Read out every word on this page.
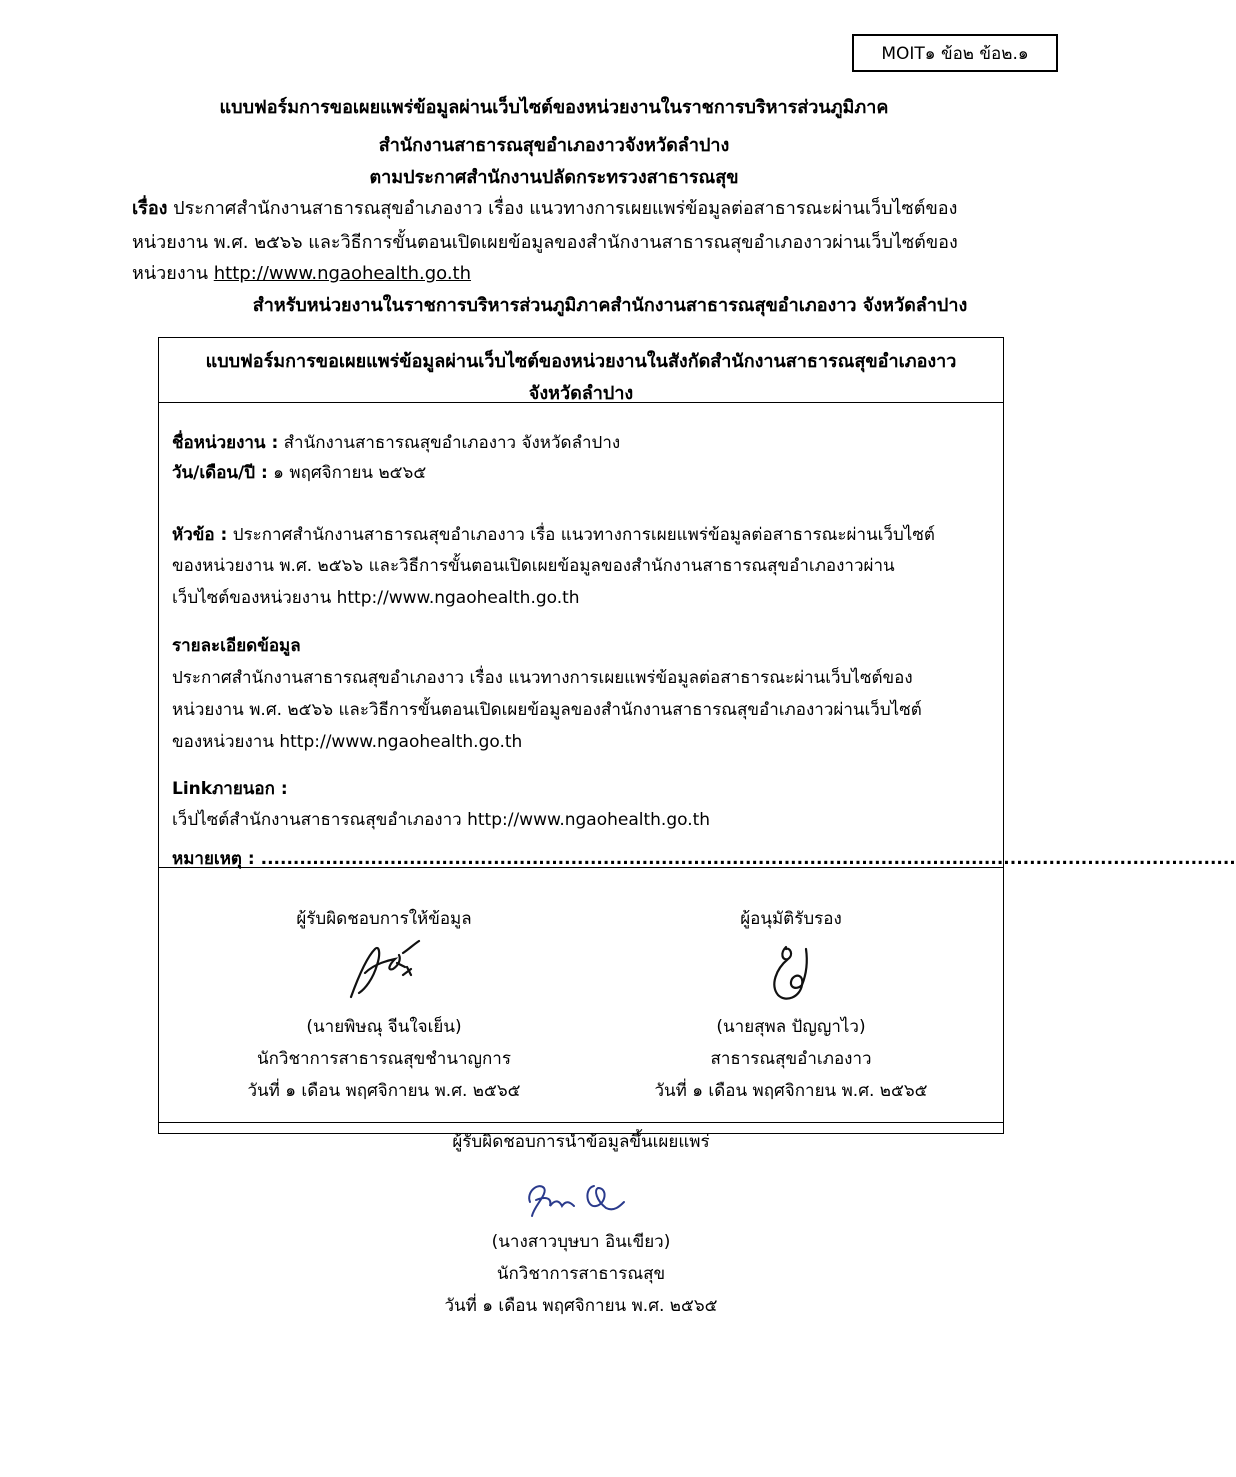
MOIT๑ ข้อ๒ ข้อ๒.๑
แบบฟอร์มการขอเผยแพร่ข้อมูลผ่านเว็บไซต์ของหน่วยงานในราชการบริหารส่วนภูมิภาค
สำนักงานสาธารณสุขอำเภองาวจังหวัดลำปาง
ตามประกาศสำนักงานปลัดกระทรวงสาธารณสุข
เรื่อง ประกาศสำนักงานสาธารณสุขอำเภองาว เรื่อง แนวทางการเผยแพร่ข้อมูลต่อสาธารณะผ่านเว็บไซต์ของ
หน่วยงาน พ.ศ. ๒๕๖๖ และวิธีการขั้นตอนเปิดเผยข้อมูลของสำนักงานสาธารณสุขอำเภองาวผ่านเว็บไซต์ของ
หน่วยงาน http://www.ngaohealth.go.th
สำหรับหน่วยงานในราชการบริหารส่วนภูมิภาคสำนักงานสาธารณสุขอำเภองาว จังหวัดลำปาง
แบบฟอร์มการขอเผยแพร่ข้อมูลผ่านเว็บไซต์ของหน่วยงานในสังกัดสำนักงานสาธารณสุขอำเภองาว
จังหวัดลำปาง
ชื่อหน่วยงาน : สำนักงานสาธารณสุขอำเภองาว จังหวัดลำปาง
วัน/เดือน/ปี : ๑ พฤศจิกายน ๒๕๖๕
หัวข้อ : ประกาศสำนักงานสาธารณสุขอำเภองาว เรื่อ แนวทางการเผยแพร่ข้อมูลต่อสาธารณะผ่านเว็บไซต์
ของหน่วยงาน พ.ศ. ๒๕๖๖ และวิธีการขั้นตอนเปิดเผยข้อมูลของสำนักงานสาธารณสุขอำเภองาวผ่าน
เว็บไซต์ของหน่วยงาน http://www.ngaohealth.go.th
รายละเอียดข้อมูล
ประกาศสำนักงานสาธารณสุขอำเภองาว เรื่อง แนวทางการเผยแพร่ข้อมูลต่อสาธารณะผ่านเว็บไซต์ของ
หน่วยงาน พ.ศ. ๒๕๖๖ และวิธีการขั้นตอนเปิดเผยข้อมูลของสำนักงานสาธารณสุขอำเภองาวผ่านเว็บไซต์
ของหน่วยงาน http://www.ngaohealth.go.th
Linkภายนอก :
เว็ปไซต์สำนักงานสาธารณสุขอำเภองาว http://www.ngaohealth.go.th
หมายเหตุ : .......................................................................................................................................................
ผู้รับผิดชอบการให้ข้อมูล
(นายพิษณุ จีนใจเย็น)
นักวิชาการสาธารณสุขชำนาญการ
วันที่ ๑ เดือน พฤศจิกายน พ.ศ. ๒๕๖๕
ผู้อนุมัติรับรอง
(นายสุพล ปัญญาไว)
สาธารณสุขอำเภองาว
วันที่ ๑ เดือน พฤศจิกายน พ.ศ. ๒๕๖๕
ผู้รับผิดชอบการนำข้อมูลขึ้นเผยแพร่
(นางสาวบุษบา อินเขียว)
นักวิชาการสาธารณสุข
วันที่ ๑ เดือน พฤศจิกายน พ.ศ. ๒๕๖๕
